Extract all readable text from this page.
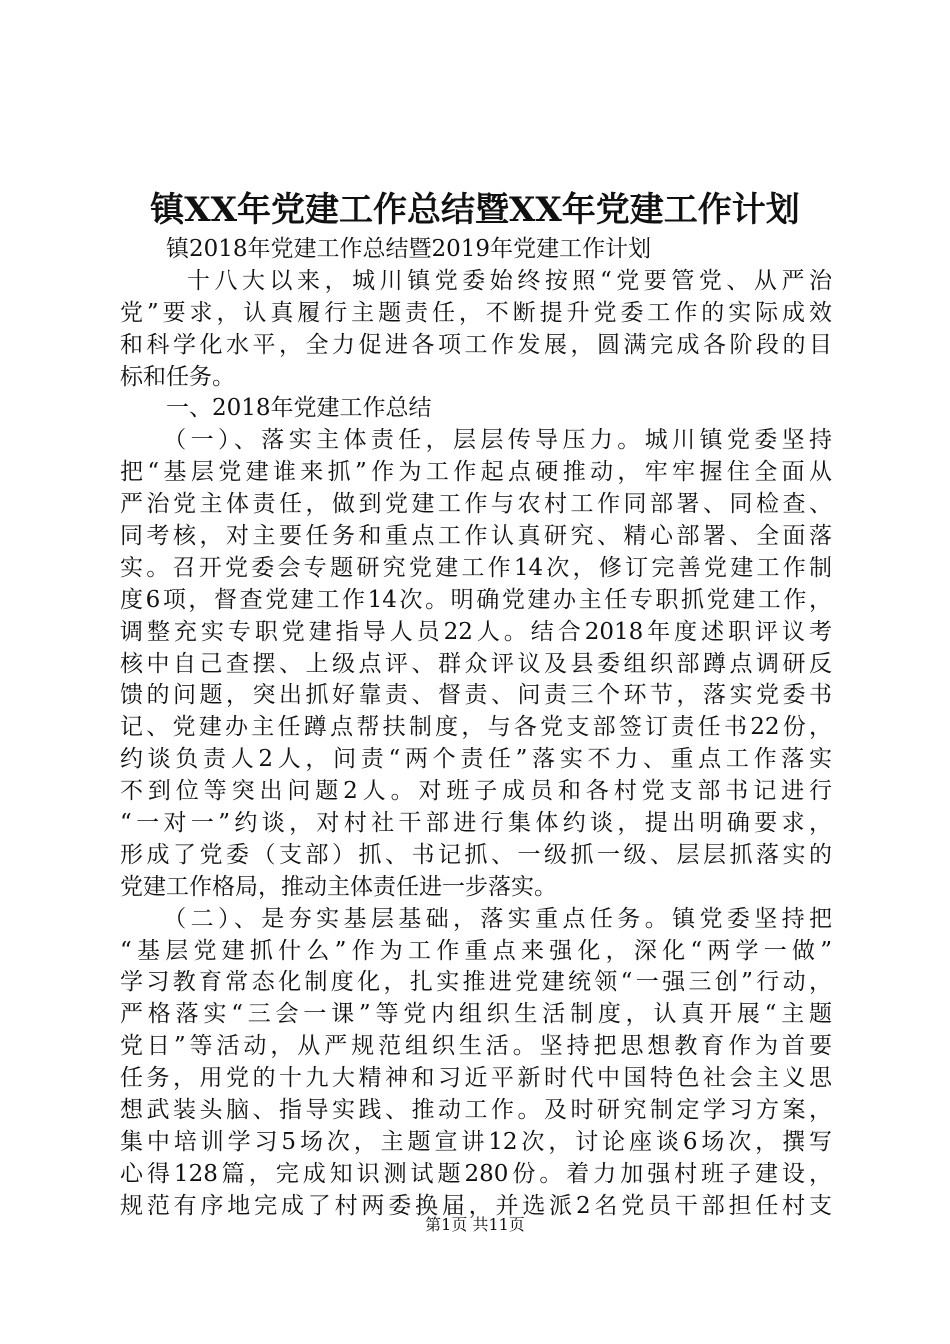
镇XX年党建工作总结暨XX年党建工作计划
　　镇2018年党建工作总结暨2019年党建工作计划
　　 十八大以来，城川镇党委始终按照“党要管党、从严治
党”要求，认真履行主题责任，不断提升党委工作的实际成效
和科学化水平，全力促进各项工作发展，圆满完成各阶段的目
标和任务。
　　一、2018年党建工作总结
　　（一）、落实主体责任，层层传导压力。城川镇党委坚持
把“基层党建谁来抓”作为工作起点硬推动，牢牢握住全面从
严治党主体责任，做到党建工作与农村工作同部署、同检查、
同考核，对主要任务和重点工作认真研究、精心部署、全面落
实。召开党委会专题研究党建工作14次，修订完善党建工作制
度6项，督查党建工作14次。明确党建办主任专职抓党建工作，
调整充实专职党建指导人员22人。结合2018年度述职评议考
核中自己查摆、上级点评、群众评议及县委组织部蹲点调研反
馈的问题，突出抓好靠责、督责、问责三个环节，落实党委书
记、党建办主任蹲点帮扶制度，与各党支部签订责任书22份，
约谈负责人2人，问责“两个责任”落实不力、重点工作落实
不到位等突出问题2人。对班子成员和各村党支部书记进行
“一对一”约谈，对村社干部进行集体约谈，提出明确要求，
形成了党委（支部）抓、书记抓、一级抓一级、层层抓落实的
党建工作格局，推动主体责任进一步落实。
　　（二）、是夯实基层基础，落实重点任务。镇党委坚持把
“基层党建抓什么”作为工作重点来强化，深化“两学一做”
学习教育常态化制度化，扎实推进党建统领“一强三创”行动，
严格落实“三会一课”等党内组织生活制度，认真开展“主题
党日”等活动，从严规范组织生活。坚持把思想教育作为首要
任务，用党的十九大精神和习近平新时代中国特色社会主义思
想武装头脑、指导实践、推动工作。及时研究制定学习方案，
集中培训学习5场次，主题宣讲12次，讨论座谈6场次，撰写
心得128篇，完成知识测试题280份。着力加强村班子建设，
规范有序地完成了村两委换届，并选派2名党员干部担任村支
第1页 共11页
